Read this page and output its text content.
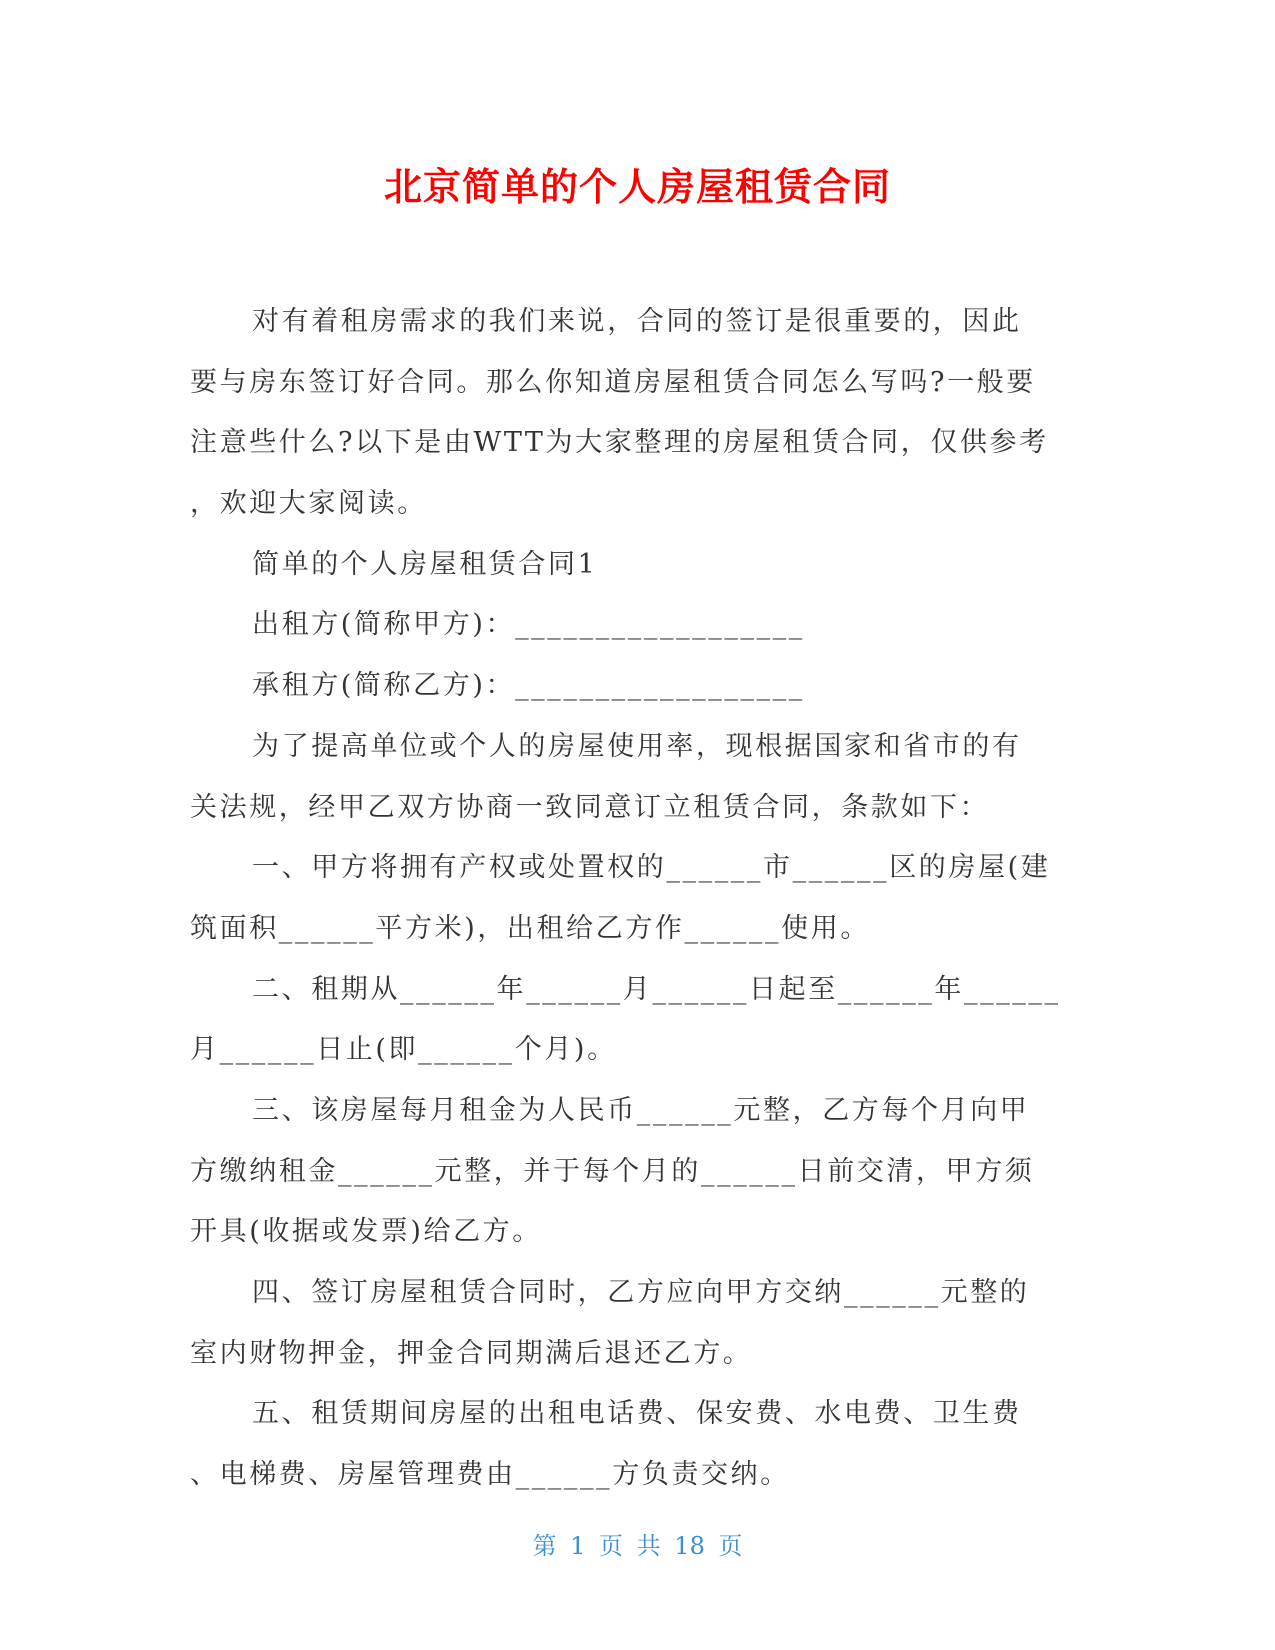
北京简单的个人房屋租赁合同

对有着租房需求的我们来说，合同的签订是很重要的，因此

要与房东签订好合同。那么你知道房屋租赁合同怎么写吗?一般要

注意些什么?以下是由WTT为大家整理的房屋租赁合同，仅供参考

，欢迎大家阅读。

简单的个人房屋租赁合同1

出租方(简称甲方)：__________________

承租方(简称乙方)：__________________

为了提高单位或个人的房屋使用率，现根据国家和省市的有

关法规，经甲乙双方协商一致同意订立租赁合同，条款如下：

一、甲方将拥有产权或处置权的______市______区的房屋(建

筑面积______平方米)，出租给乙方作______使用。

二、租期从______年______月______日起至______年______

月______日止(即______个月)。

三、该房屋每月租金为人民币______元整，乙方每个月向甲

方缴纳租金______元整，并于每个月的______日前交清，甲方须

开具(收据或发票)给乙方。

四、签订房屋租赁合同时，乙方应向甲方交纳______元整的

室内财物押金，押金合同期满后退还乙方。

五、租赁期间房屋的出租电话费、保安费、水电费、卫生费

、电梯费、房屋管理费由______方负责交纳。

第 1 页 共 18 页
